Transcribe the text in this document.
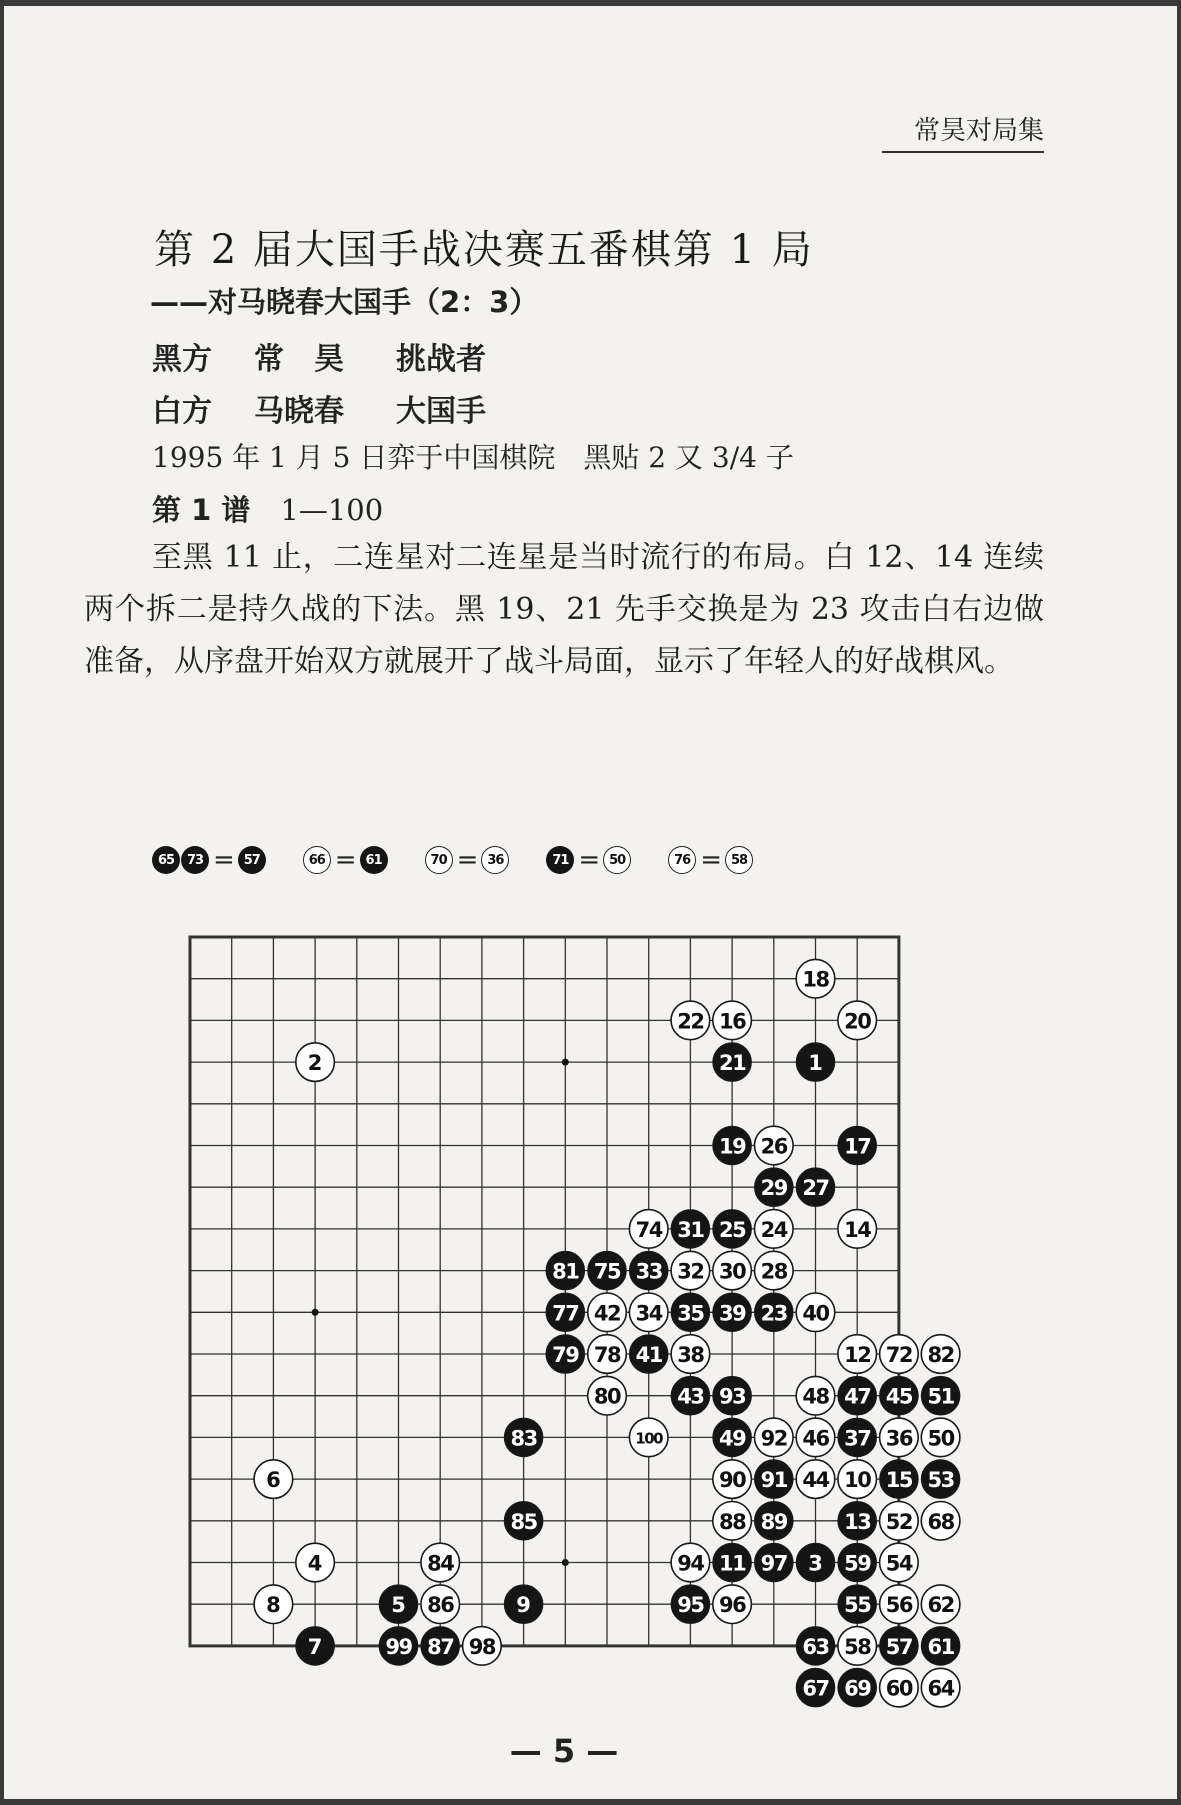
常昊对局集
第 2 届大国手战决赛五番棋第 1 局
——对马晓春大国手（2：3）
黑方 常　昊 挑战者
白方 马晓春 大国手
1995 年 1 月 5 日弈于中国棋院　黑贴 2 又 3/4 子
第 1 谱 1—100
至黑 11 止，二连星对二连星是当时流行的布局。白 12、14 连续两个拆二是持久战的下法。黑 19、21 先手交换是为 23 攻击白右边做准备，从序盘开始双方就展开了战斗局面，显示了年轻人的好战棋风。
65 73 = 57	66 = 61	70 = 36	71 = 50	76 = 58
1
2
3
4
5
6
7
8	9
10
11
12
13
14
15
16
17
18
19
20
21
22
23
24
25
26
27
28
29
30
31
32
33
34 35
36
37
38
39	40
41
42
43
44
45
46
47
48
49	50
51
52
53
54
55 56
57
58
59
60
61
62
63
64
67
68
69
72
74
75
77
78
79
80
81
82
83
84
85
86
87
88 89
90 91
92
93
94
95 96
97
98
99
100
— 5 —
